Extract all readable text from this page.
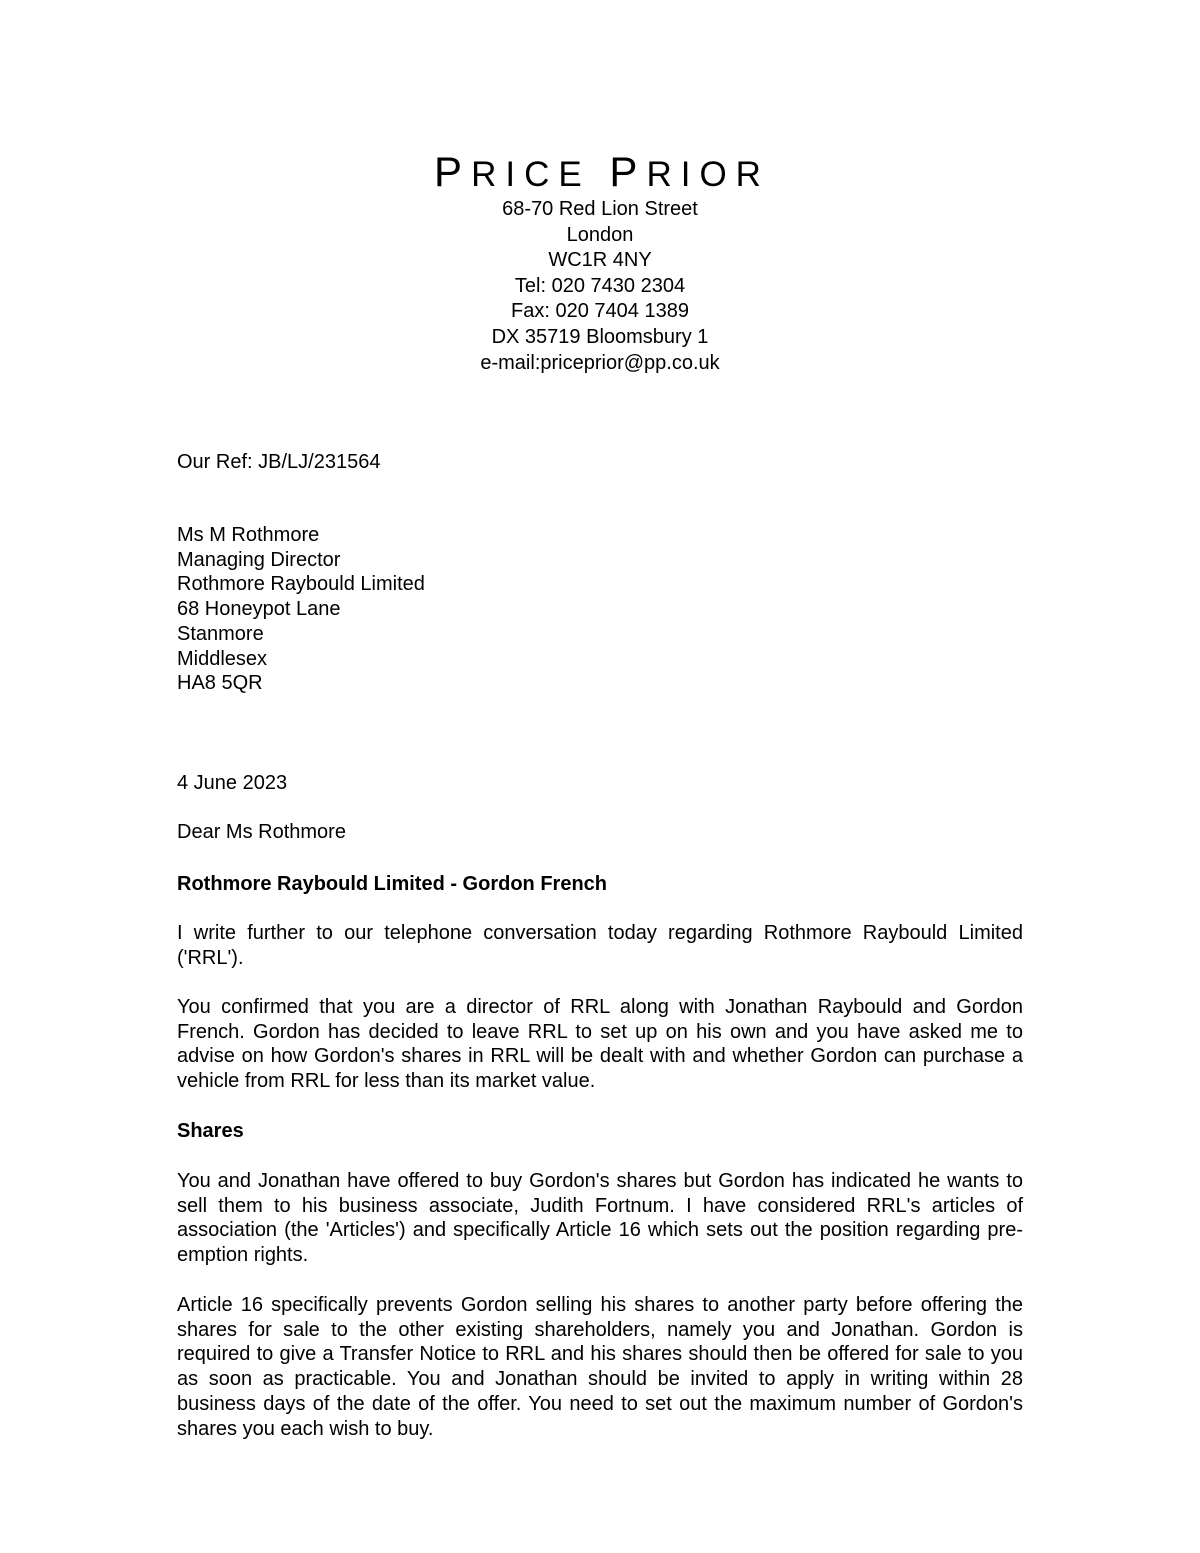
PRICE PRIOR

68-70 Red Lion Street

London

WC1R 4NY

Tel: 020 7430 2304

Fax: 020 7404 1389

DX 35719 Bloomsbury 1

e-mail:priceprior@pp.co.uk

Our Ref: JB/LJ/231564

Ms M Rothmore

Managing Director

Rothmore Raybould Limited

68 Honeypot Lane

Stanmore

Middlesex

HA8 5QR

4 June 2023

Dear Ms Rothmore

Rothmore Raybould Limited - Gordon French

I write further to our telephone conversation today regarding Rothmore Raybould Limited ('RRL').

You confirmed that you are a director of RRL along with Jonathan Raybould and Gordon French. Gordon has decided to leave RRL to set up on his own and you have asked me to advise on how Gordon's shares in RRL will be dealt with and whether Gordon can purchase a vehicle from RRL for less than its market value.

Shares

You and Jonathan have offered to buy Gordon's shares but Gordon has indicated he wants to sell them to his business associate, Judith Fortnum. I have considered RRL's articles of association (the 'Articles') and specifically Article 16 which sets out the position regarding pre-emption rights.

Article 16 specifically prevents Gordon selling his shares to another party before offering the shares for sale to the other existing shareholders, namely you and Jonathan. Gordon is required to give a Transfer Notice to RRL and his shares should then be offered for sale to you as soon as practicable. You and Jonathan should be invited to apply in writing within 28 business days of the date of the offer. You need to set out the maximum number of Gordon's shares you each wish to buy.
